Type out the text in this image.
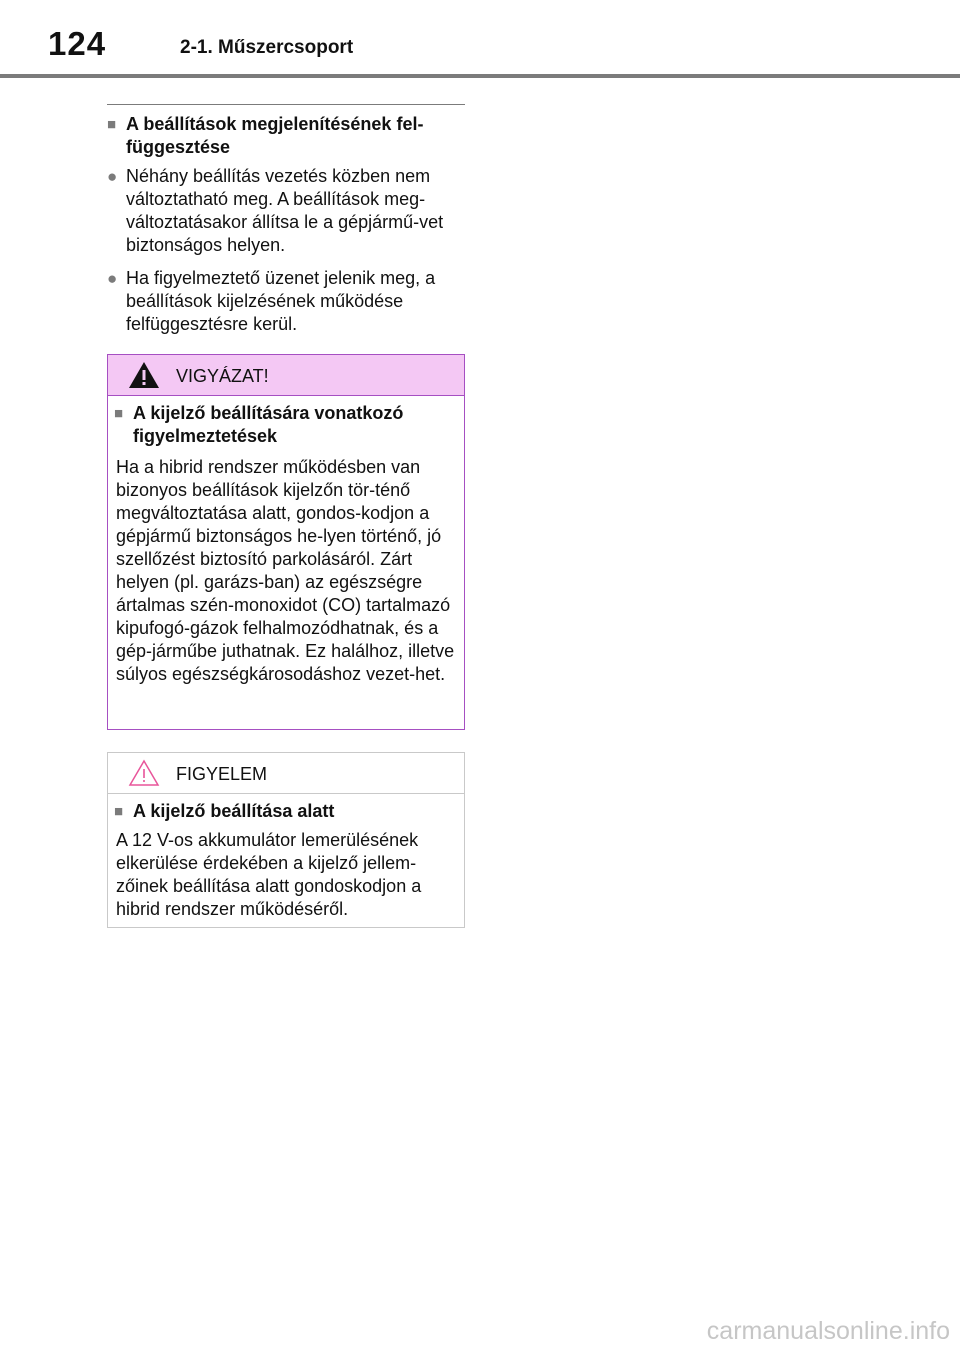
124	2-1. Műszercsoport
■ A beállítások megjelenítésének fel-függesztése
● Néhány beállítás vezetés közben nem változtatható meg. A beállítások meg-változtatásakor állítsa le a gépjármű-vet biztonságos helyen.
● Ha figyelmeztető üzenet jelenik meg, a beállítások kijelzésének működése felfüggesztésre kerül.
VIGYÁZAT!
■ A kijelző beállítására vonatkozó figyelmeztetések
Ha a hibrid rendszer működésben van bizonyos beállítások kijelzőn tör-ténő megváltoztatása alatt, gondos-kodjon a gépjármű biztonságos he-lyen történő, jó szellőzést biztosító parkolásáról. Zárt helyen (pl. garázs-ban) az egészségre ártalmas szén-monoxidot (CO) tartalmazó kipufogó-gázok felhalmozódhatnak, és a gép-járműbe juthatnak. Ez halálhoz, illetve súlyos egészségkárosodáshoz vezet-het.
FIGYELEM
■ A kijelző beállítása alatt
A 12 V-os akkumulátor lemerülésének elkerülése érdekében a kijelző jellem-zőinek beállítása alatt gondoskodjon a hibrid rendszer működéséről.
carmanualsonline.info
